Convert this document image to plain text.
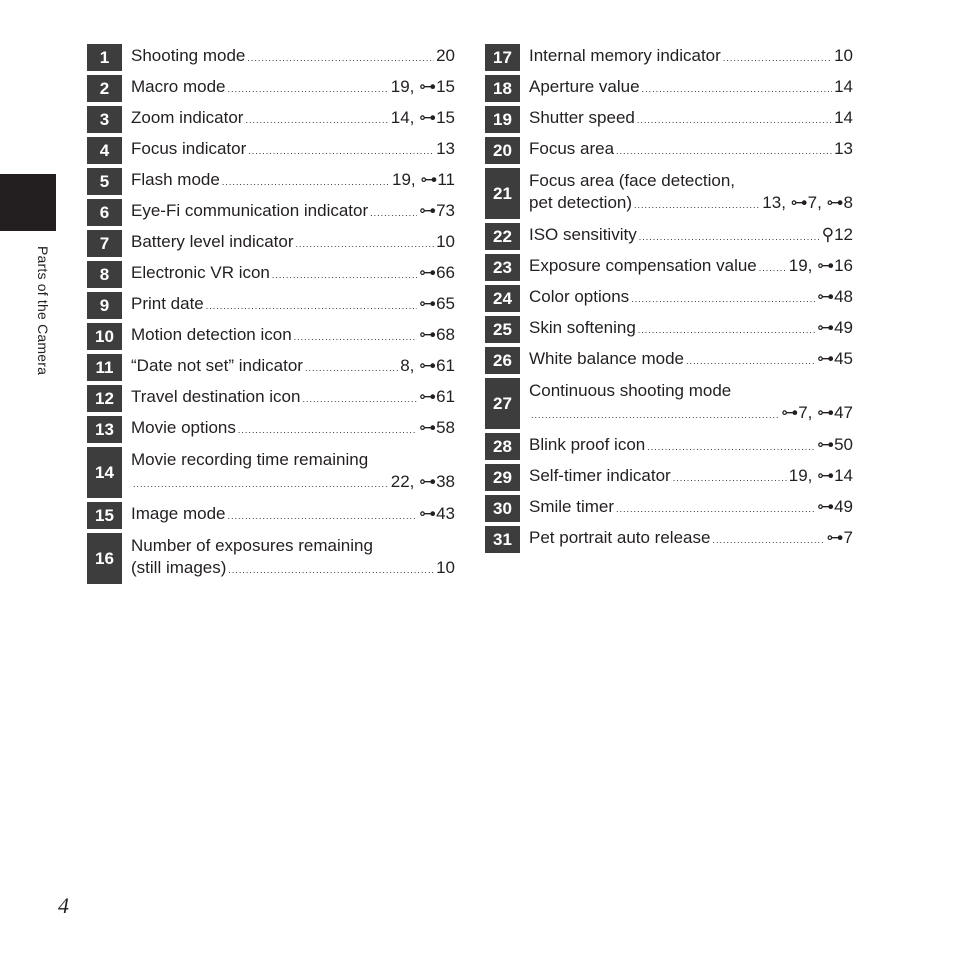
Parts of the Camera
1	Shooting mode .....	20
2	Macro mode .....	19, ⊶15
3	Zoom indicator .....	14, ⊶15
4	Focus indicator .....	13
5	Flash mode .....	19, ⊶11
6	Eye-Fi communication indicator .....	⊶73
7	Battery level indicator .....	10
8	Electronic VR icon .....	⊶66
9	Print date .....	⊶65
10	Motion detection icon .....	⊶68
11	“Date not set” indicator .....	8, ⊶61
12	Travel destination icon .....	⊶61
13	Movie options .....	⊶58
14
Movie recording time remaining
.....
22, ⊶38
15	Image mode .....	⊶43
16
Number of exposures remaining
(still images) .....	10
17	Internal memory indicator .....	10
18	Aperture value .....	14
19	Shutter speed .....	14
20	Focus area .....	13
21
Focus area (face detection,
pet detection) .....	13, ⊶7, ⊶8
22	ISO sensitivity .....	⚲12
23	Exposure compensation value ..... 19, ⊶16
24	Color options .....	⊶48
25	Skin softening .....	⊶49
26	White balance mode .....	⊶45
27
Continuous shooting mode
.....
⊶7, ⊶47
28	Blink proof icon .....	⊶50
29	Self-timer indicator .....	19, ⊶14
30	Smile timer .....	⊶49
31	Pet portrait auto release .....	⊶7
4
